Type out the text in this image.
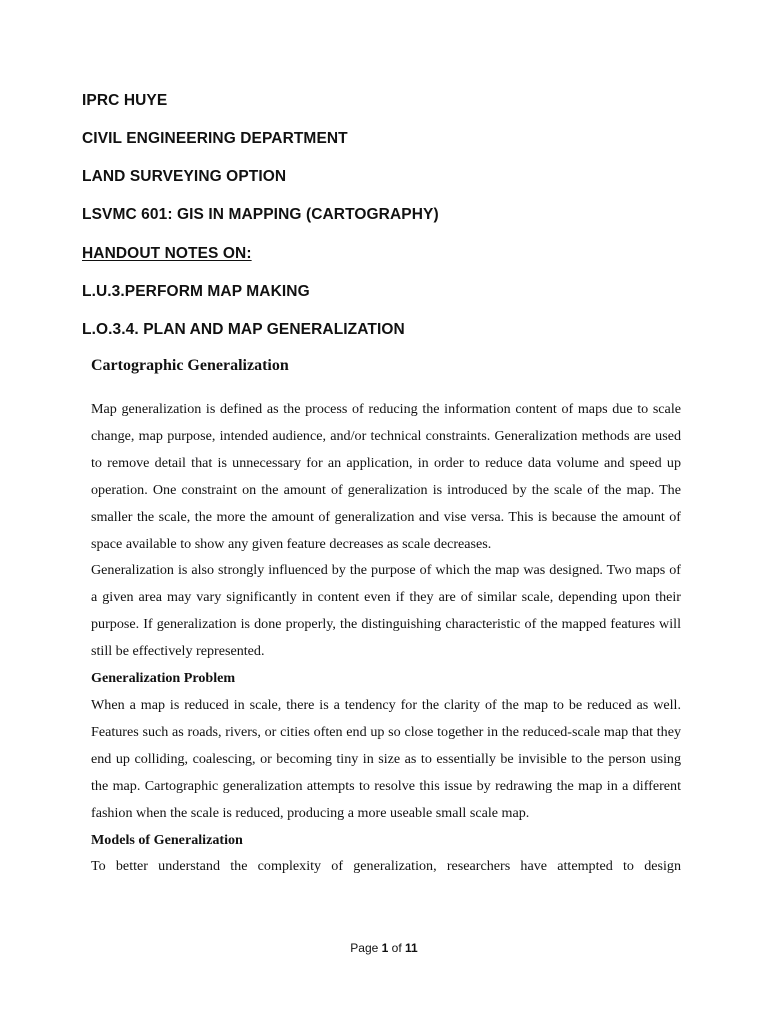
IPRC HUYE
CIVIL ENGINEERING DEPARTMENT
LAND SURVEYING OPTION
LSVMC 601: GIS IN MAPPING (CARTOGRAPHY)
HANDOUT NOTES ON:
L.U.3.PERFORM MAP MAKING
L.O.3.4. PLAN AND MAP GENERALIZATION
Cartographic Generalization

Map generalization is defined as the process of reducing the information content of maps due to scale change, map purpose, intended audience, and/or technical constraints. Generalization methods are used to remove detail that is unnecessary for an application, in order to reduce data volume and speed up operation. One constraint on the amount of generalization is introduced by the scale of the map. The smaller the scale, the more the amount of generalization and vise versa. This is because the amount of space available to show any given feature decreases as scale decreases.

Generalization is also strongly influenced by the purpose of which the map was designed. Two maps of a given area may vary significantly in content even if they are of similar scale, depending upon their purpose. If generalization is done properly, the distinguishing characteristic of the mapped features will still be effectively represented.

Generalization Problem

When a map is reduced in scale, there is a tendency for the clarity of the map to be reduced as well. Features such as roads, rivers, or cities often end up so close together in the reduced-scale map that they end up colliding, coalescing, or becoming tiny in size as to essentially be invisible to the person using the map. Cartographic generalization attempts to resolve this issue by redrawing the map in a different fashion when the scale is reduced, producing a more useable small scale map.

Models of Generalization

To better understand the complexity of generalization, researchers have attempted to design

Page 1 of 11
